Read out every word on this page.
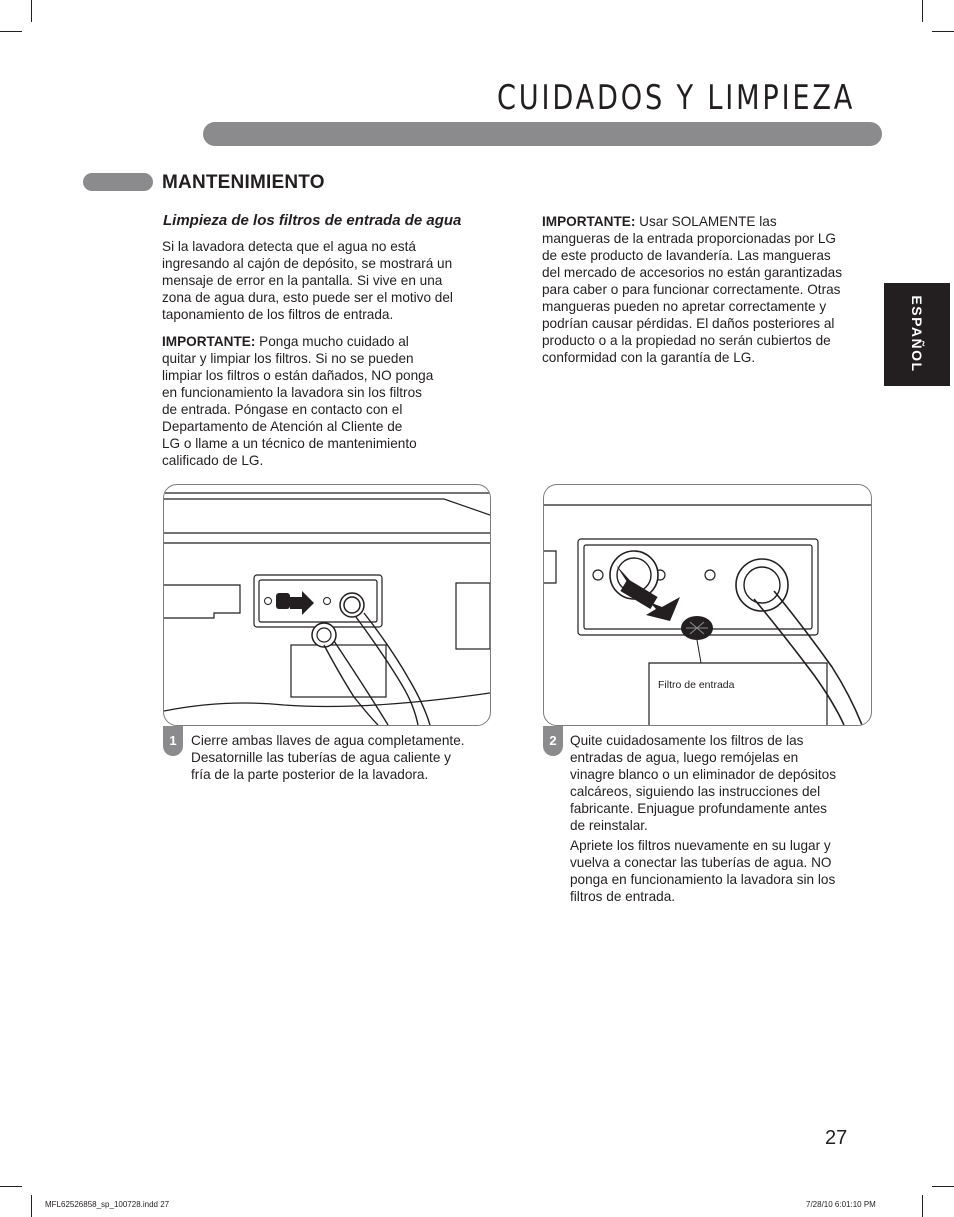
CUIDADOS Y LIMPIEZA
MANTENIMIENTO
Limpieza de los filtros de entrada de agua

Si la lavadora detecta que el agua no está
ingresando al cajón de depósito, se mostrará un
mensaje de error en la pantalla. Si vive en una
zona de agua dura, esto puede ser el motivo del
taponamiento de los filtros de entrada.

IMPORTANTE: Ponga mucho cuidado al
quitar y limpiar los filtros. Si no se pueden
limpiar los filtros o están dañados, NO ponga
en funcionamiento la lavadora sin los filtros
de entrada. Póngase en contacto con el
Departamento de Atención al Cliente de
LG o llame a un técnico de mantenimiento
calificado de LG.

IMPORTANTE: Usar SOLAMENTE las
mangueras de la entrada proporcionadas por LG
de este producto de lavandería. Las mangueras
del mercado de accesorios no están garantizadas
para caber o para funcionar correctamente. Otras
mangueras pueden no apretar correctamente y
podrían causar pérdidas. El daños posteriores al
producto o a la propiedad no serán cubiertos de
conformidad con la garantía de LG.	ESPAÑOL
1	Cierre ambas llaves de agua completamente.
Desatornille las tuberías de agua caliente y
fría de la parte posterior de la lavadora.
Filtro de entrada
2 Quite cuidadosamente los filtros de las
entradas de agua, luego remójelas en
vinagre blanco o un eliminador de depósitos
calcáreos, siguiendo las instrucciones del
fabricante. Enjuague profundamente antes
de reinstalar.
Apriete los filtros nuevamente en su lugar y
vuelva a conectar las tuberías de agua. NO
ponga en funcionamiento la lavadora sin los
filtros de entrada.
27
MFL62526858_sp_100728.indd 27	7/28/10 6:01:10 PM
